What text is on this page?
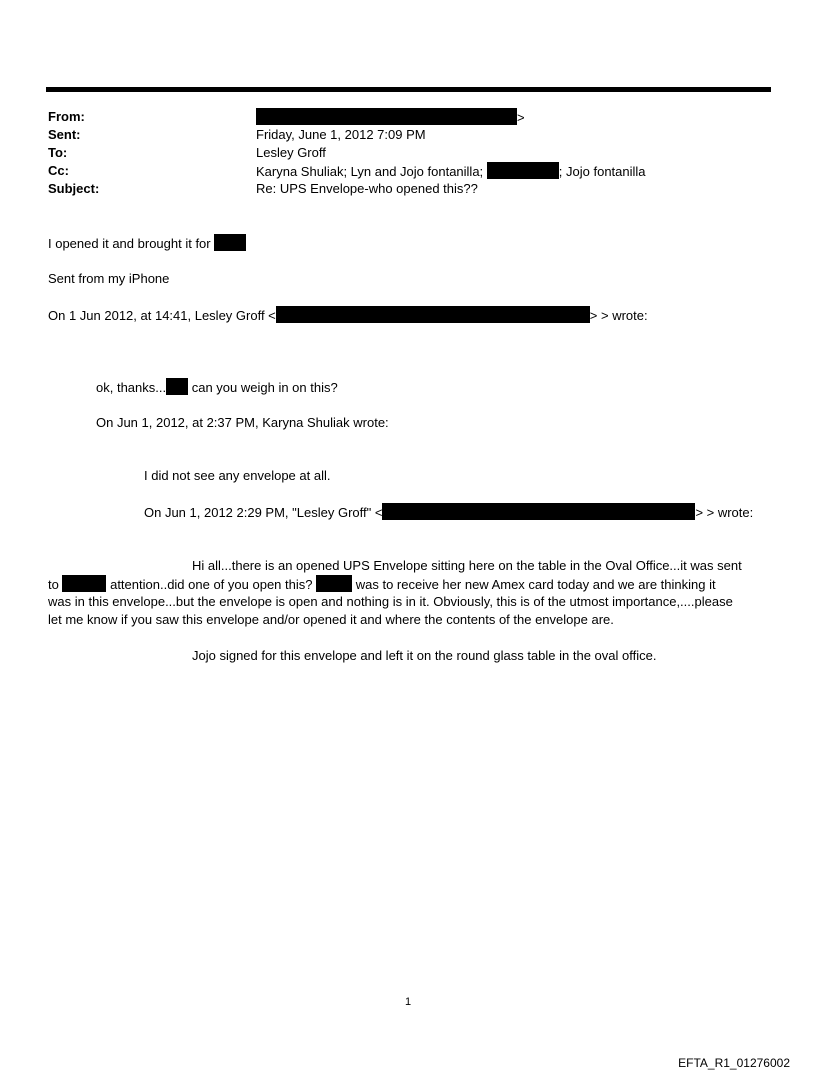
From:	>
Sent:	Friday, June 1, 2012 7:09 PM
To:	Lesley Groff
Cc:	Karyna Shuliak; Lyn and Jojo fontanilla;	; Jojo fontanilla
Subject:	Re: UPS Envelope-who opened this??
I opened it and brought it for
Sent from my iPhone
On 1 Jun 2012, at 14:41, Lesley Groff <	> > wrote:
ok, thanks... can you weigh in on this?
On Jun 1, 2012, at 2:37 PM, Karyna Shuliak wrote:
I did not see any envelope at all.
On Jun 1, 2012 2:29 PM, "Lesley Groff" <	> > wrote:
Hi all...there is an opened UPS Envelope sitting here on the table in the Oval Office...it was sent
to	attention..did one of you open this?	was to receive her new Amex card today and we are thinking it
was in this envelope...but the envelope is open and nothing is in it. Obviously, this is of the utmost importance,....please
let me know if you saw this envelope and/or opened it and where the contents of the envelope are.
Jojo signed for this envelope and left it on the round glass table in the oval office.
1
EFTA_R1_01276002
